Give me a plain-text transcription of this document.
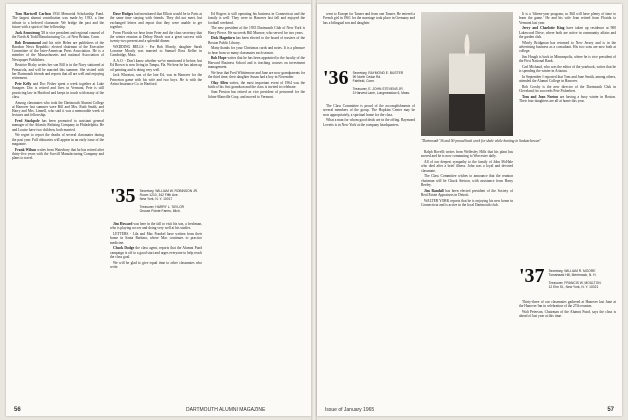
Tom Hartwell Carlton 1934 Memorial Scholarship Fund. The largest alumni contribution was made by 1933, a fine tribute to a beloved classmate. We bridge the past and the future with a spirit of fine fellowship.

Jack Armstrong '28 is vice president and regional counsel of the North & Todd Manufacturing Co., of New Britain, Conn.

Bob Drummond and his wife Helen are publishers of the Baraboo News Republic; elected chairman of the Executive Committee of the Inter-American Press Association. He is a member of the Massachusetts and national Association of Newspaper Publishers.

Beatrice Bixby writes her son Bill is in the Navy stationed at Pensacola, and will be married this summer. She visited with her Dartmouth friends and reports that all are well and enjoying retirement.

Pete Kelly and Doc Fisher spent a week together at Lake Sunapee. Doc is retired and lives in Vermont, Pete is still practicing law in Hartford and keeps in touch with many of the class.

Among classmates who took the Dartmouth Alumni College at Hanover last summer were Bill and Mrs. Ruth Smith, and Harry and Mrs. Linnell, who said it was a memorable week of lectures and fellowship.

Fred Stackpole has been promoted to assistant general manager of the Atlantic Refining Company in Philadelphia. He and Louise have two children, both married.

We regret to report the deaths of several classmates during the past year. Full obituaries will appear in an early issue of the magazine.

Frank Wilson writes from Waterbury that he has retired after thirty-five years with the Scovill Manufacturing Company and plans to travel.

Dave Hodges had mentioned that Elliott would be in Paris at the same time staying with friends. They did not meet, but exchanged letters and report that they were unable to get together.

From Florida we hear from Peter and the class secretary that the winter reunion at Delray Beach was a great success with twenty-two present and a splendid dinner.

WEDDING BELLS - For Bob Moody, daughter Sarah Lorraine Moody was married to Samuel Ross Keller in Cambridge, Mass.

A.A.O. - Don't know whether we've mentioned it before, but Ed Brown is now living in Tampa, Fla. We hear he has taken up oil painting and is doing very well.

Jack Wheaton, son of the late Ed, was in Hanover for the Princeton game with his wife and two boys. He is with the Aetna Insurance Co. in Hartford.

'35 Secretary, WILLIAM W. ROBINSON JR.
Room 1210, 342 Fifth Ave.
New York, N. Y. 10017

Treasurer, HARRY L. TAYLOR
Grouse Pointe Farms, Mich.

Jim Howard was here in the fall to visit his son, a freshman, who is playing soccer and doing very well at his studies.

LETTERS - Lila and Mac Frankel have written from their home in Santa Barbara, where Mac continues to practice medicine.

Chuck Dodge the class agent, reports that the Alumni Fund campaign is off to a good start and urges everyone to help reach the class goal.

We will be glad to give equal time to other classmates who write.

Ed Rogers is still operating his business in Connecticut and the family is well. They were in Hanover last fall and enjoyed the football weekend.

The new president of the 1935 Dartmouth Club of New York is Harry Pierce. He succeeds Bill Munroe, who served for two years.

Dick Hagedorn has been elected to the board of trustees of the Boston Public Library.

Many thanks for your Christmas cards and notes. It is a pleasure to hear from so many classmates each season.

Bob Hope writes that he has been appointed to the faculty of the Harvard Business School and is teaching courses on investment management.

We hear that Fred Whittemore and Jane are now grandparents for the third time; their daughter Susan had a boy in November.

Olay Allen writes, the most important event of 1964 was the birth of his first grandson and the class is invited to celebrate.

Sam Preston has retired as vice president of personnel for the Johns-Manville Corp. and moved to Vermont.

56	DARTMOUTH ALUMNI MAGAZINE

went to Europe for Tanzer and from one Tanzer, He entered a French girl in 1961 for the marriage took place in Germany and has a bilingual son and daughter.

'36 Secretary, RAYMOND E. BUSTER
90 North Cedar Rd.
Fairfield, Conn.

Treasurer, E. JOHN STEVENS JR.
3 Harvest Lane, Longmeadow 6, Mass.

The Class Committee is proud of the accomplishments of several members of the group. The Hopkins Center may be now appropriately, a spiritual home for the class.

What a man for whom good deals are in the offing. Raymond Lovetts is in New York at the company headquarters.

"Dartmouth '36 and 50-pound bush work for shale while hunting in Saskatchewan"

Ralph Rovelli writes from Wellesley Hills that his plant has moved and he is now commuting to Worcester daily.

All of our deepest sympathy to the family of John McHale who died after a brief illness. John was a loyal and devoted classmate.

The Class Committee wishes to announce that the reunion chairman will be Chuck Stetson, with assistance from Harry Beeley.

Jim Randall has been elected president of the Society of Real Estate Appraisers in Detroit.

WALTER YORK reports that he is enjoying his new home in Connecticut and is active in the local Dartmouth club.

It is a 'fifteen-year program, so Bill will have plenty of time to learn the game.' He and his wife Jean retired from Florida to Vermont last year.

Jerry and Charlotte King have taken up residence at 900 Lakewood Drive, where both are active in community affairs and the garden club.

Whirly Bridgman has returned to New Jersey and is in the advertising business as a consultant. His two sons are now both at college.

Jim Hough is back in Minneapolis, where he is vice president of the First National Bank.

Carl Michaud, who was the editor of the yearbook, writes that he is spending the winter in Arizona.

In September I reported that Tom and Jane Smith, among others, attended the Alumni College in Hanover.

Bob Crosby is the new director of the Dartmouth Club in Cleveland; he succeeds Pete Fisherbert.

Tom and Jean Norton are having a busy winter in Boston. Their four daughters are all at home this year.

'37 Secretary, WILLIAM R. MOORE
Tomahawk Hill, Merrimack, N. H.

Treasurer, FRANCIS W. MOULTON
12 Elm St., New York, N. Y. 10021

Thirty-three of our classmates gathered at Hanover last June at the Hanover Inn in celebration of the 27th reunion.

Walt Peterson, Chairman of the Alumni Fund, says the class is ahead of last year at this time.

Issue of January 1965	57
